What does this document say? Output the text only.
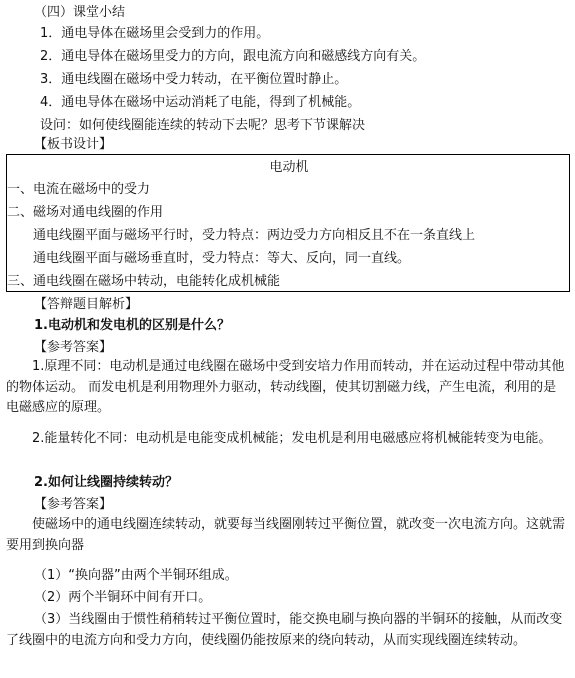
（四）课堂小结
1．通电导体在磁场里会受到力的作用。
2．通电导体在磁场里受力的方向，跟电流方向和磁感线方向有关。
3．通电线圈在磁场中受力转动，在平衡位置时静止。
4．通电导体在磁场中运动消耗了电能，得到了机械能。
设问：如何使线圈能连续的转动下去呢？思考下节课解决
【板书设计】
电动机
一、电流在磁场中的受力
二、磁场对通电线圈的作用
通电线圈平面与磁场平行时，受力特点：两边受力方向相反且不在一条直线上
通电线圈平面与磁场垂直时，受力特点：等大、反向，同一直线。
三、通电线圈在磁场中转动，电能转化成机械能
【答辩题目解析】
1.电动机和发电机的区别是什么？
【参考答案】
1.原理不同：电动机是通过电线圈在磁场中受到安培力作用而转动，并在运动过程中带动其他的物体运动。 而发电机是利用物理外力驱动，转动线圈，使其切割磁力线，产生电流，利用的是电磁感应的原理。
2.能量转化不同：电动机是电能变成机械能；发电机是利用电磁感应将机械能转变为电能。
2.如何让线圈持续转动？
【参考答案】
使磁场中的通电线圈连续转动，就要每当线圈刚转过平衡位置，就改变一次电流方向。这就需要用到换向器
（1）“换向器”由两个半铜环组成。
（2）两个半铜环中间有开口。
（3）当线圈由于惯性稍稍转过平衡位置时，能交换电刷与换向器的半铜环的接触，从而改变了线圈中的电流方向和受力方向，使线圈仍能按原来的绕向转动，从而实现线圈连续转动。
